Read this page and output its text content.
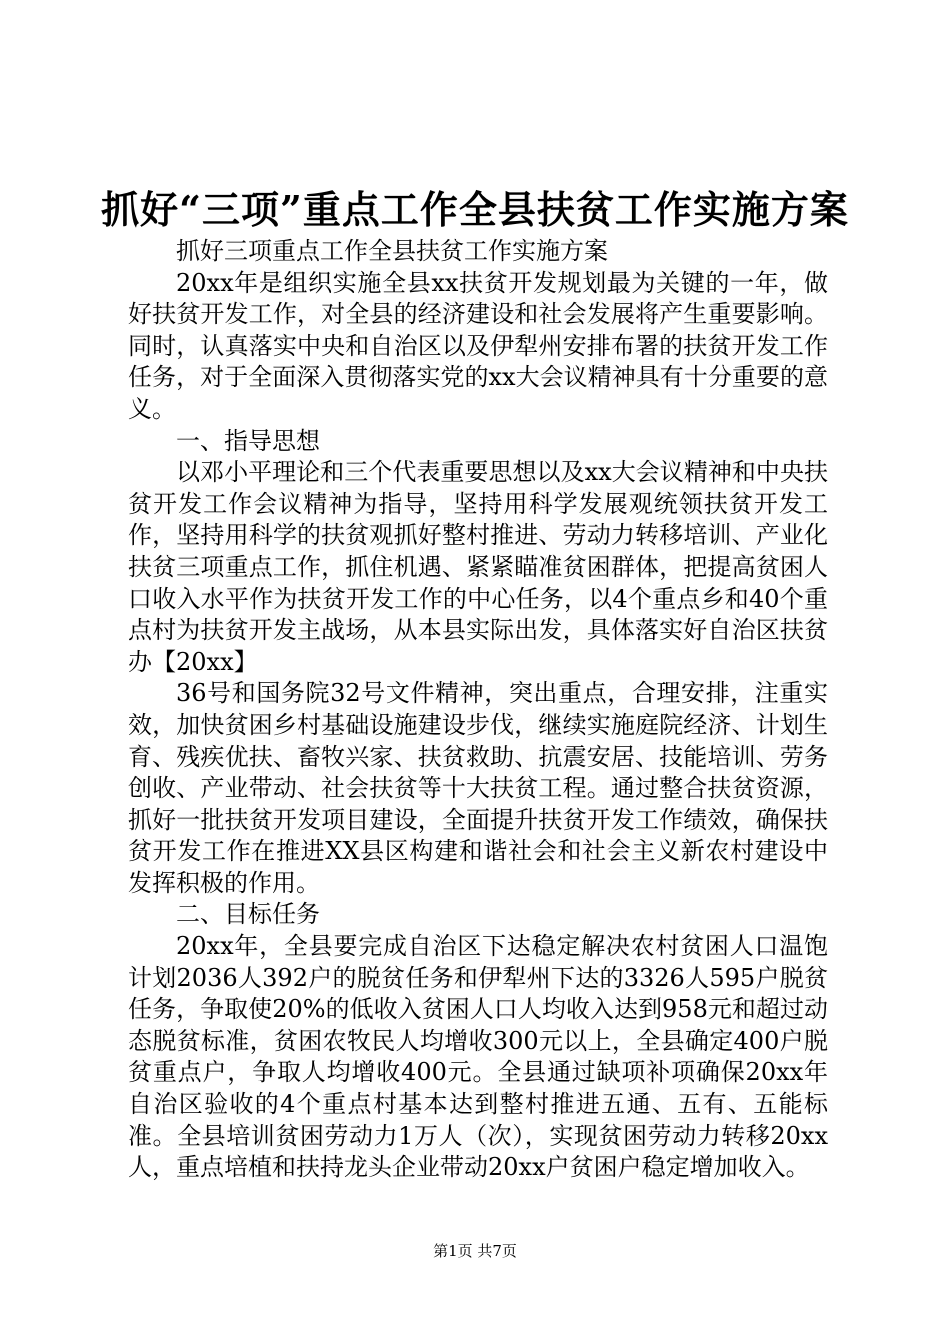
抓好“三项”重点工作全县扶贫工作实施方案

抓好三项重点工作全县扶贫工作实施方案

20xx年是组织实施全县xx扶贫开发规划最为关键的一年，做好扶贫开发工作，对全县的经济建设和社会发展将产生重要影响。同时，认真落实中央和自治区以及伊犁州安排布署的扶贫开发工作任务，对于全面深入贯彻落实党的xx大会议精神具有十分重要的意义。

一、指导思想

以邓小平理论和三个代表重要思想以及xx大会议精神和中央扶贫开发工作会议精神为指导，坚持用科学发展观统领扶贫开发工作，坚持用科学的扶贫观抓好整村推进、劳动力转移培训、产业化扶贫三项重点工作，抓住机遇、紧紧瞄准贫困群体，把提高贫困人口收入水平作为扶贫开发工作的中心任务，以4个重点乡和40个重点村为扶贫开发主战场，从本县实际出发，具体落实好自治区扶贫办【20xx】

36号和国务院32号文件精神，突出重点，合理安排，注重实效，加快贫困乡村基础设施建设步伐，继续实施庭院经济、计划生育、残疾优扶、畜牧兴家、扶贫救助、抗震安居、技能培训、劳务创收、产业带动、社会扶贫等十大扶贫工程。通过整合扶贫资源，抓好一批扶贫开发项目建设，全面提升扶贫开发工作绩效，确保扶贫开发工作在推进XX县区构建和谐社会和社会主义新农村建设中发挥积极的作用。

二、目标任务

20xx年，全县要完成自治区下达稳定解决农村贫困人口温饱计划2036人392户的脱贫任务和伊犁州下达的3326人595户脱贫任务，争取使20%的低收入贫困人口人均收入达到958元和超过动态脱贫标准，贫困农牧民人均增收300元以上，全县确定400户脱贫重点户，争取人均增收400元。全县通过缺项补项确保20xx年自治区验收的4个重点村基本达到整村推进五通、五有、五能标准。全县培训贫困劳动力1万人（次），实现贫困劳动力转移20xx人，重点培植和扶持龙头企业带动20xx户贫困户稳定增加收入。

第1页 共7页
